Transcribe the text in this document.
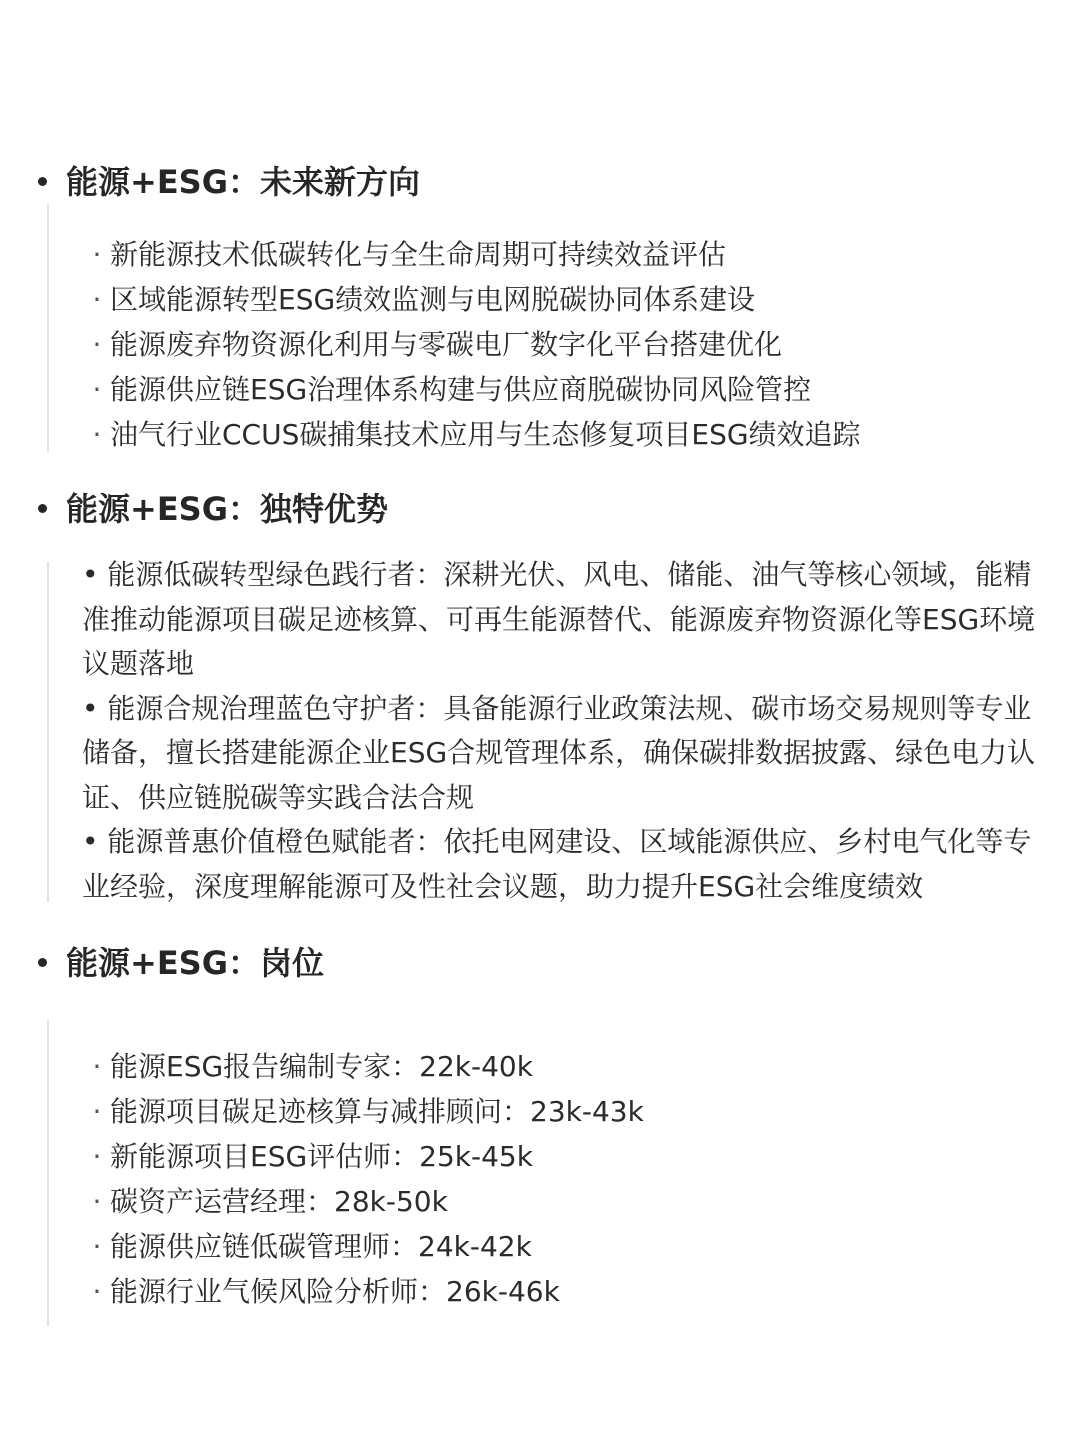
能源+ESG：未来新方向
· 新能源技术低碳转化与全生命周期可持续效益评估
· 区域能源转型ESG绩效监测与电网脱碳协同体系建设
· 能源废弃物资源化利用与零碳电厂数字化平台搭建优化
· 能源供应链ESG治理体系构建与供应商脱碳协同风险管控
· 油气行业CCUS碳捕集技术应用与生态修复项目ESG绩效追踪
能源+ESG：独特优势
• 能源低碳转型绿色践行者：深耕光伏、风电、储能、油气等核心领域，能精准推动能源项目碳足迹核算、可再生能源替代、能源废弃物资源化等ESG环境议题落地
• 能源合规治理蓝色守护者：具备能源行业政策法规、碳市场交易规则等专业储备，擅长搭建能源企业ESG合规管理体系，确保碳排数据披露、绿色电力认证、供应链脱碳等实践合法合规
• 能源普惠价值橙色赋能者：依托电网建设、区域能源供应、乡村电气化等专业经验，深度理解能源可及性社会议题，助力提升ESG社会维度绩效
能源+ESG：岗位
· 能源ESG报告编制专家：22k-40k
· 能源项目碳足迹核算与减排顾问：23k-43k
· 新能源项目ESG评估师：25k-45k
· 碳资产运营经理：28k-50k
· 能源供应链低碳管理师：24k-42k
· 能源行业气候风险分析师：26k-46k
